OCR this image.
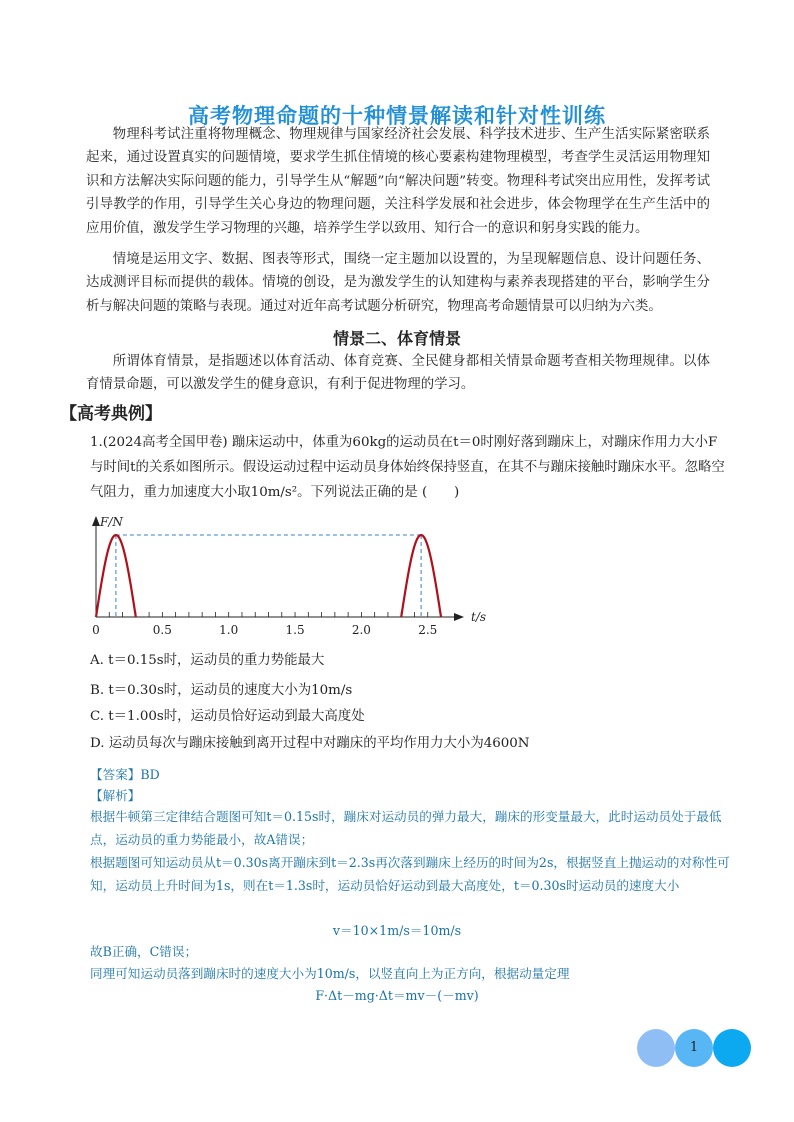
高考物理命题的十种情景解读和针对性训练

物理科考试注重将物理概念、物理规律与国家经济社会发展、科学技术进步、生产生活实际紧密联系起来，通过设置真实的问题情境，要求学生抓住情境的核心要素构建物理模型，考查学生灵活运用物理知识和方法解决实际问题的能力，引导学生从“解题”向“解决问题”转变。物理科考试突出应用性，发挥考试引导教学的作用，引导学生关心身边的物理问题，关注科学发展和社会进步，体会物理学在生产生活中的应用价值，激发学生学习物理的兴趣，培养学生学以致用、知行合一的意识和躬身实践的能力。

情境是运用文字、数据、图表等形式，围绕一定主题加以设置的，为呈现解题信息、设计问题任务、达成测评目标而提供的载体。情境的创设，是为激发学生的认知建构与素养表现搭建的平台，影响学生分析与解决问题的策略与表现。通过对近年高考试题分析研究，物理高考命题情景可以归纳为六类。

情景二、体育情景

所谓体育情景，是指题述以体育活动、体育竞赛、全民健身都相关情景命题考查相关物理规律。以体育情景命题，可以激发学生的健身意识，有利于促进物理的学习。

【高考典例】

1.(2024高考全国甲卷) 蹦床运动中，体重为60kg的运动员在t＝0时刚好落到蹦床上，对蹦床作用力大小F与时间t的关系如图所示。假设运动过程中运动员身体始终保持竖直，在其不与蹦床接触时蹦床水平。忽略空气阻力，重力加速度大小取10m/s²。下列说法正确的是 (　　)

0	0.5	1.0	1.5	2.0	2.5
F/N
t/s

A. t＝0.15s时，运动员的重力势能最大

B. t＝0.30s时，运动员的速度大小为10m/s

C. t＝1.00s时，运动员恰好运动到最大高度处

D. 运动员每次与蹦床接触到离开过程中对蹦床的平均作用力大小为4600N

【答案】BD

【解析】

根据牛顿第三定律结合题图可知t＝0.15s时，蹦床对运动员的弹力最大，蹦床的形变量最大，此时运动员处于最低点，运动员的重力势能最小，故A错误；

根据题图可知运动员从t＝0.30s离开蹦床到t＝2.3s再次落到蹦床上经历的时间为2s，根据竖直上抛运动的对称性可知，运动员上升时间为1s，则在t＝1.3s时，运动员恰好运动到最大高度处，t＝0.30s时运动员的速度大小

v＝10×1m/s＝10m/s

故B正确，C错误；

同理可知运动员落到蹦床时的速度大小为10m/s，以竖直向上为正方向，根据动量定理

F·Δt－mg·Δt＝mv－(－mv)

1
